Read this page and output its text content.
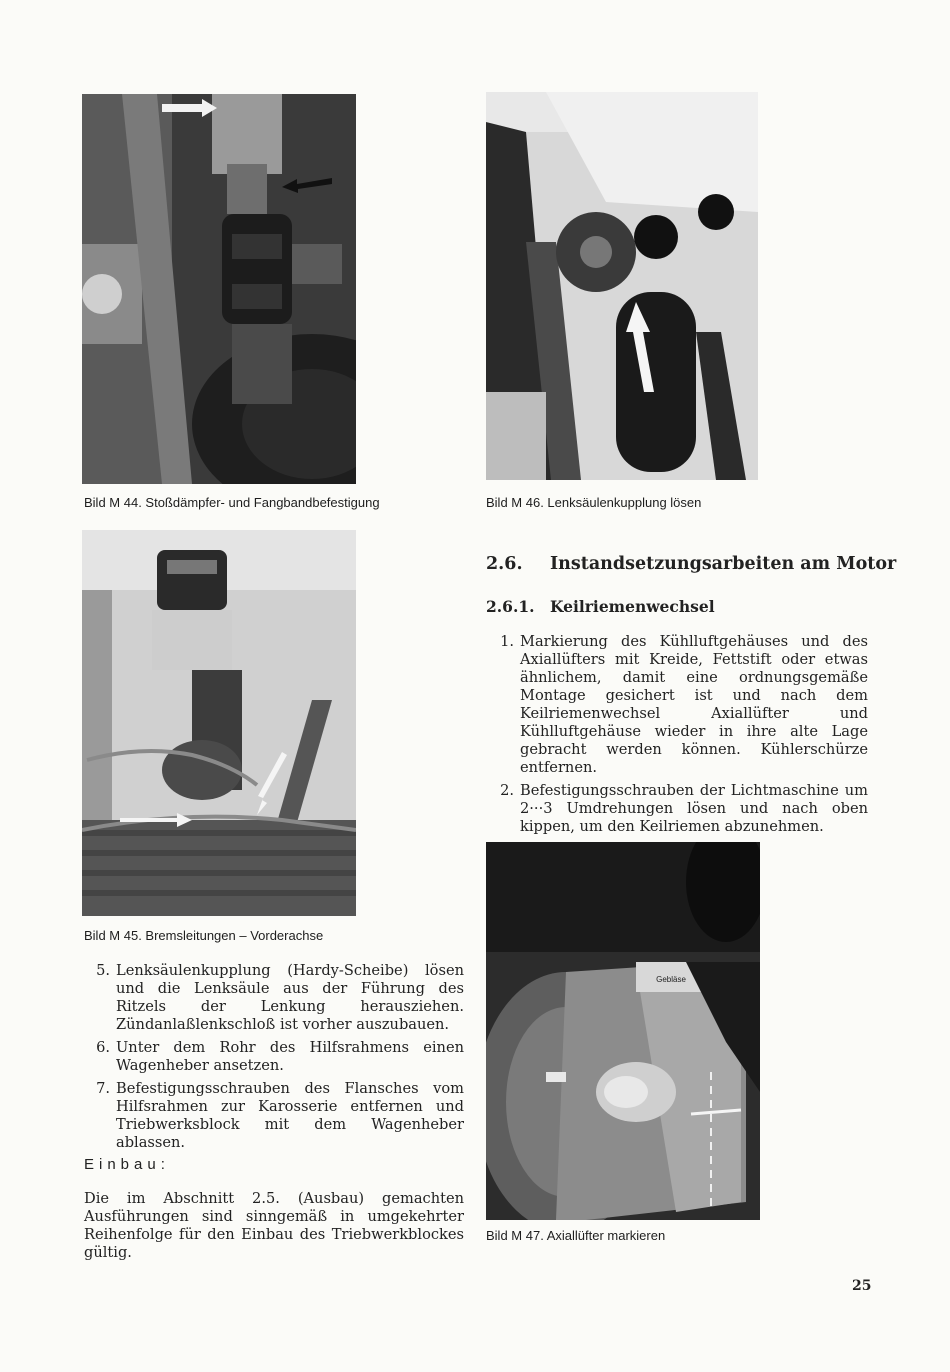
Bild M 44. Stoßdämpfer- und Fangbandbefestigung	Bild M 46. Lenksäulenkupplung lösen
Bild M 45. Bremsleitungen – Vorderachse
2.6. Instandsetzungsarbeiten am Motor
2.6.1. Keilriemenwechsel
1. Markierung des Kühlluftgehäuses und des Axiallüfters mit Kreide, Fettstift oder etwas ähnlichem, damit eine ordnungsgemäße Montage gesichert ist und nach dem Keilriemenwechsel Axiallüfter und Kühlluftgehäuse wieder in ihre alte Lage gebracht werden können. Kühlerschürze entfernen.
2. Befestigungsschrauben der Lichtmaschine um 2···3 Umdrehungen lösen und nach oben kippen, um den Keilriemen abzunehmen.
Gebläse
Bild M 47. Axiallüfter markieren
5. Lenksäulenkupplung (Hardy-Scheibe) lösen und die Lenksäule aus der Führung des Ritzels der Lenkung herausziehen. Zündanlaßlenkschloß ist vorher auszubauen.
6. Unter dem Rohr des Hilfsrahmens einen Wagenheber ansetzen.
7. Befestigungsschrauben des Flansches vom Hilfsrahmen zur Karosserie entfernen und Triebwerksblock mit dem Wagenheber ablassen.
Einbau:
Die im Abschnitt 2.5. (Ausbau) gemachten Ausführungen sind sinngemäß in umgekehrter Reihenfolge für den Einbau des Triebwerkblockes gültig.
25
